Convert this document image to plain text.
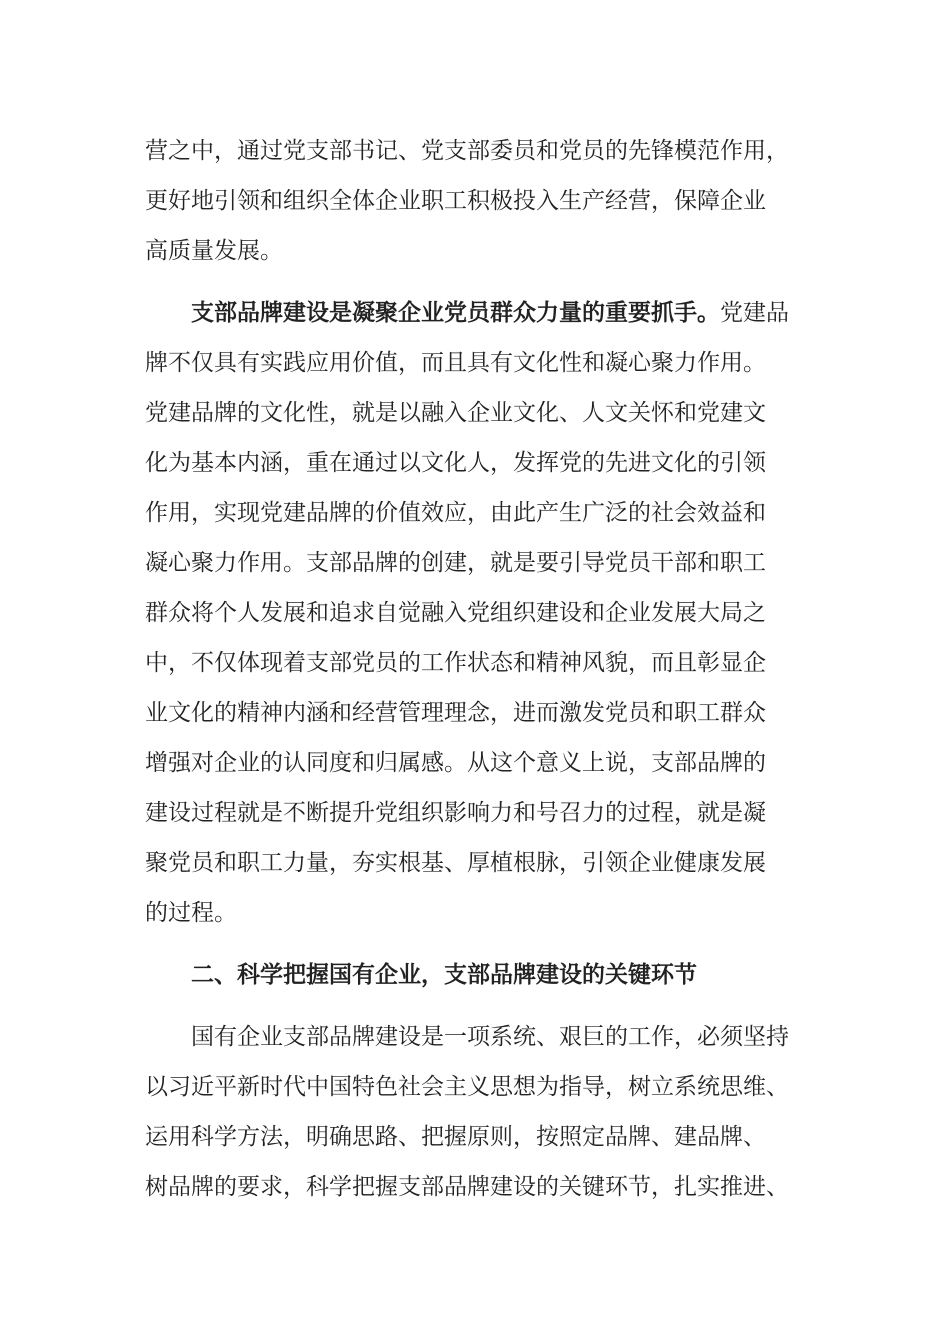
营之中，通过党支部书记、党支部委员和党员的先锋模范作用，
更好地引领和组织全体企业职工积极投入生产经营，保障企业
高质量发展。
支部品牌建设是凝聚企业党员群众力量的重要抓手。党建品
牌不仅具有实践应用价值，而且具有文化性和凝心聚力作用。
党建品牌的文化性，就是以融入企业文化、人文关怀和党建文
化为基本内涵，重在通过以文化人，发挥党的先进文化的引领
作用，实现党建品牌的价值效应，由此产生广泛的社会效益和
凝心聚力作用。支部品牌的创建，就是要引导党员干部和职工
群众将个人发展和追求自觉融入党组织建设和企业发展大局之
中，不仅体现着支部党员的工作状态和精神风貌，而且彰显企
业文化的精神内涵和经营管理理念，进而激发党员和职工群众
增强对企业的认同度和归属感。从这个意义上说，支部品牌的
建设过程就是不断提升党组织影响力和号召力的过程，就是凝
聚党员和职工力量，夯实根基、厚植根脉，引领企业健康发展
的过程。
二、科学把握国有企业，支部品牌建设的关键环节
国有企业支部品牌建设是一项系统、艰巨的工作，必须坚持
以习近平新时代中国特色社会主义思想为指导，树立系统思维、
运用科学方法，明确思路、把握原则，按照定品牌、建品牌、
树品牌的要求，科学把握支部品牌建设的关键环节，扎实推进、
